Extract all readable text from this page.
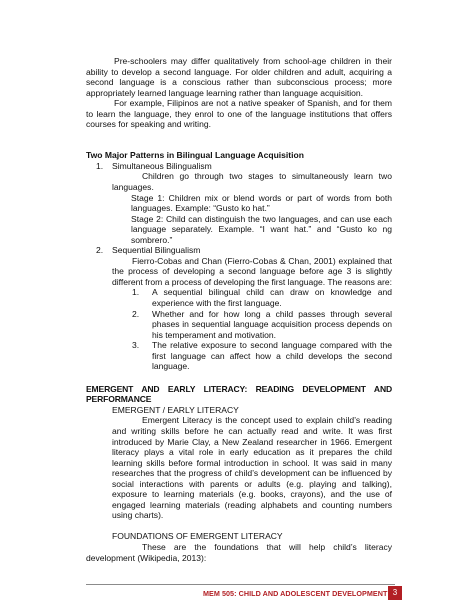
Pre-schoolers may differ qualitatively from school-age children in their ability to develop a second language. For older children and adult, acquiring a second language is a conscious rather than subconscious process; more appropriately learned language learning rather than language acquisition.

For example, Filipinos are not a native speaker of Spanish, and for them to learn the language, they enrol to one of the language institutions that offers courses for speaking and writing.

Two Major Patterns in Bilingual Language Acquisition

1.	Simultaneous Bilingualism

Children go through two stages to simultaneously learn two languages.

Stage 1: Children mix or blend words or part of words from both languages. Example: “Gusto ko hat.”

Stage 2: Child can distinguish the two languages, and can use each language separately. Example. “I want hat.” and “Gusto ko ng sombrero.”

2.	Sequential Bilingualism

Fierro-Cobas and Chan (Fierro-Cobas & Chan, 2001) explained that the process of developing a second language before age 3 is slightly different from a process of developing the first language. The reasons are:

1.	A sequential bilingual child can draw on knowledge and experience with the first language.
2.	Whether and for how long a child passes through several phases in sequential language acquisition process depends on his temperament and motivation.
3.	The relative exposure to second language compared with the first language can affect how a child develops the second language.

EMERGENT AND EARLY LITERACY: READING DEVELOPMENT AND PERFORMANCE

EMERGENT / EARLY LITERACY

Emergent Literacy is the concept used to explain child’s reading and writing skills before he can actually read and write. It was first introduced by Marie Clay, a New Zealand researcher in 1966. Emergent literacy plays a vital role in early education as it prepares the child learning skills before formal introduction in school. It was said in many researches that the progress of child’s development can be influenced by social interactions with parents or adults (e.g. playing and talking), exposure to learning materials (e.g. books, crayons), and the use of engaged learning materials (reading alphabets and counting numbers using charts).

FOUNDATIONS OF EMERGENT LITERACY

These are the foundations that will help child’s literacy development (Wikipedia, 2013):

MEM 505: CHILD AND ADOLESCENT DEVELOPMENT 3
